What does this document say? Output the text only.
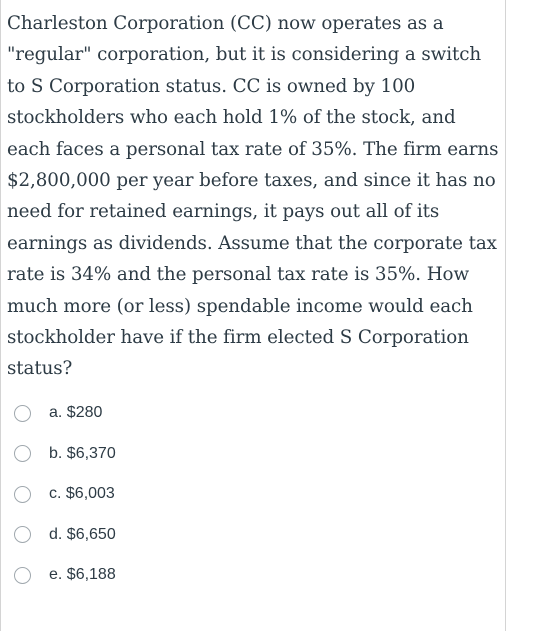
Charleston Corporation (CC) now operates as a "regular" corporation, but it is considering a switch to S Corporation status. CC is owned by 100 stockholders who each hold 1% of the stock, and each faces a personal tax rate of 35%. The firm earns $2,800,000 per year before taxes, and since it has no need for retained earnings, it pays out all of its earnings as dividends. Assume that the corporate tax rate is 34% and the personal tax rate is 35%. How much more (or less) spendable income would each stockholder have if the firm elected S Corporation status?

a. $280
b. $6,370
c. $6,003
d. $6,650
e. $6,188
